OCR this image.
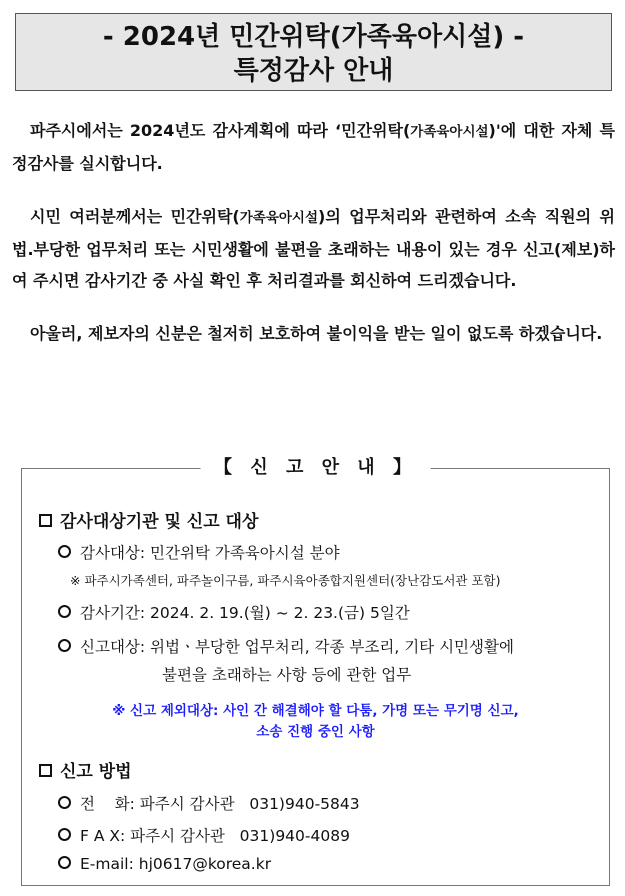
- 2024년 민간위탁(가족육아시설) -
특정감사 안내

파주시에서는 2024년도 감사계획에 따라 ‘민간위탁(가족육아시설)'에 대한 자체 특정감사를 실시합니다.

시민 여러분께서는 민간위탁(가족육아시설)의 업무처리와 관련하여 소속 직원의 위법.부당한 업무처리 또는 시민생활에 불편을 초래하는 내용이 있는 경우 신고(제보)하여 주시면 감사기간 중 사실 확인 후 처리결과를 회신하여 드리겠습니다.

아울러, 제보자의 신분은 철저히 보호하여 불이익을 받는 일이 없도록 하겠습니다.

【 신 고 안 내 】
감사대상기관 및 신고 대상
감사대상: 민간위탁 가족육아시설 분야
※ 파주시가족센터, 파주놀이구름, 파주시육아종합지원센터(장난감도서관 포함)
감사기간: 2024. 2. 19.(월) ~ 2. 23.(금) 5일간
신고대상: 위법ㆍ부당한 업무처리, 각종 부조리, 기타 시민생활에
불편을 초래하는 사항 등에 관한 업무
※ 신고 제외대상: 사인 간 해결해야 할 다툼, 가명 또는 무기명 신고,
소송 진행 중인 사항
신고 방법
전    화: 파주시 감사관   031)940-5843
F A X: 파주시 감사관   031)940-4089
E-mail: hj0617@korea.kr
